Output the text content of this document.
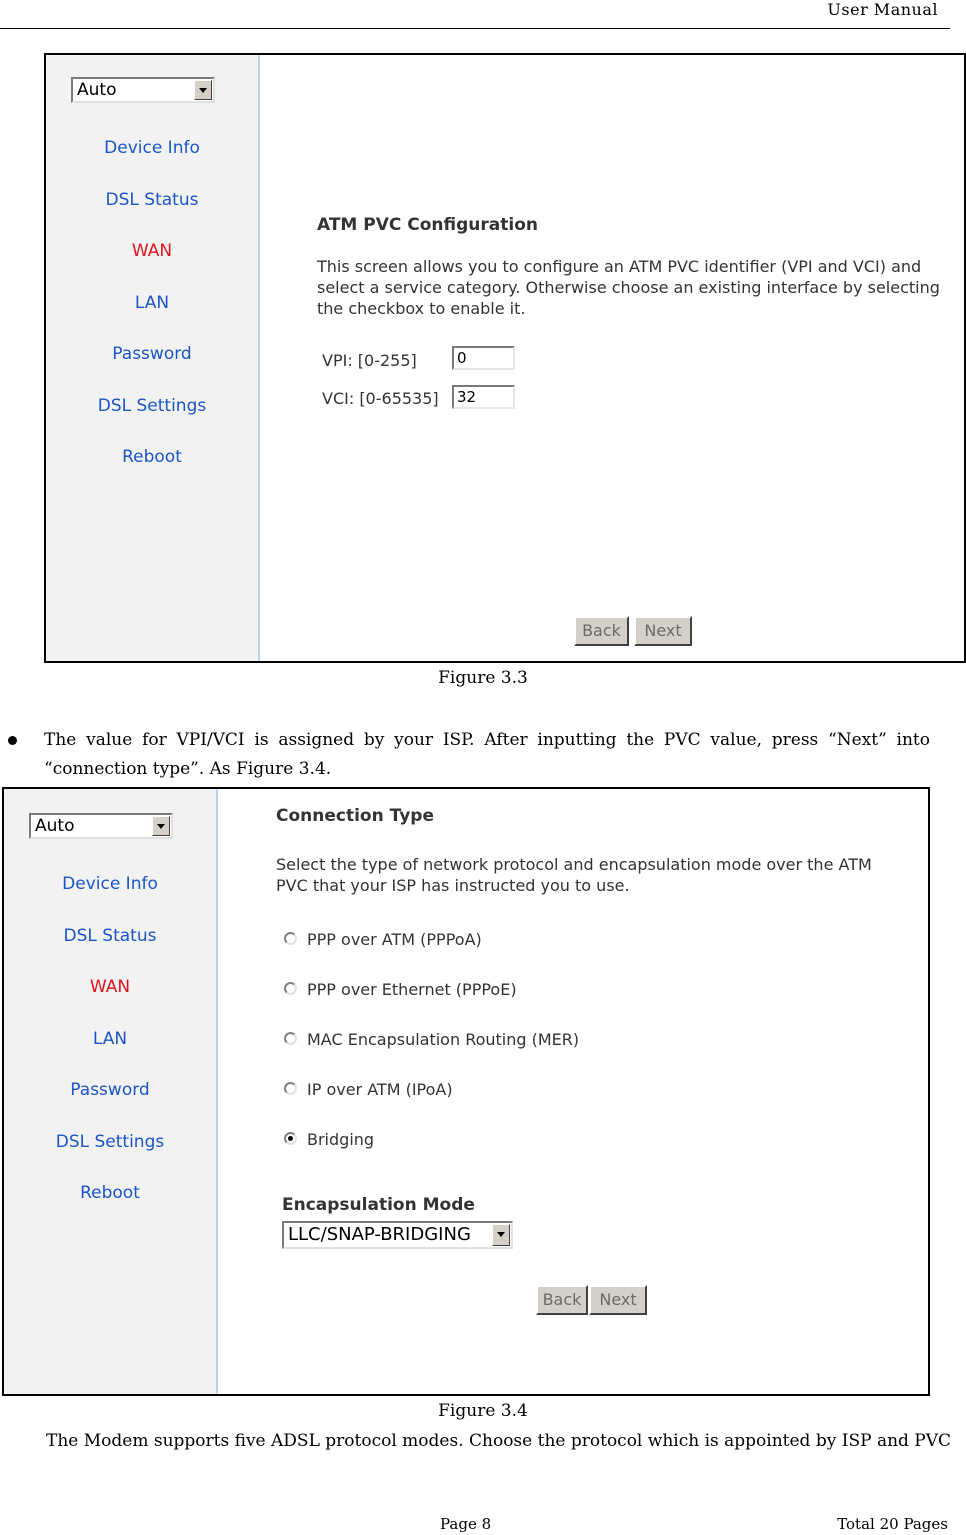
User Manual
Auto
Device Info
DSL Status
WAN
LAN
Password
DSL Settings
Reboot
ATM PVC Configuration
This screen allows you to configure an ATM PVC identifier (VPI and VCI) and select a service category. Otherwise choose an existing interface by selecting the checkbox to enable it.
VPI: [0-255]	0
VCI: [0-65535]	32
Back	Next
Figure 3.3
The value for VPI/VCI is assigned by your ISP. After inputting the PVC value, press “Next” into “connection type”. As Figure 3.4.
Auto
Device Info
DSL Status
WAN
LAN
Password
DSL Settings
Reboot
Connection Type
Select the type of network protocol and encapsulation mode over the ATM PVC that your ISP has instructed you to use.
PPP over ATM (PPPoA)
PPP over Ethernet (PPPoE)
MAC Encapsulation Routing (MER)
IP over ATM (IPoA)
Bridging
Encapsulation Mode
LLC/SNAP-BRIDGING
Back	Next
Figure 3.4
The Modem supports five ADSL protocol modes. Choose the protocol which is appointed by ISP and PVC
Page 8	Total 20 Pages
